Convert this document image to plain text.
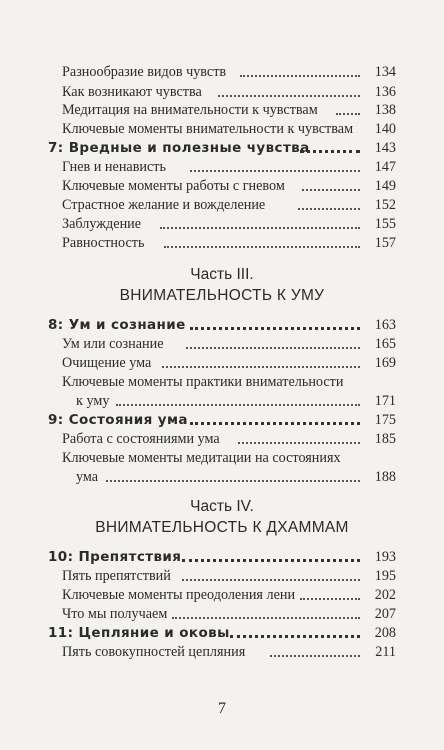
Разнообразие видов чувств	134
Как возникают чувства	136
Медитация на внимательности к чувствам	138
Ключевые моменты внимательности к чувствам 140
7: Вредные и полезные чувства	143
Гнев и ненависть	147
Ключевые моменты работы с гневом	149
Страстное желание и вожделение	152
Заблуждение	155
Равностность	157
Часть III.
ВНИМАТЕЛЬНОСТЬ К УМУ
8: Ум и сознание	163
Ум или сознание	165
Очищение ума	169
Ключевые моменты практики внимательности
к уму	171
9: Состояния ума	175
Работа с состояниями ума	185
Ключевые моменты медитации на состояниях
ума	188
Часть IV.
ВНИМАТЕЛЬНОСТЬ К ДХАММАМ
10: Препятствия	193
Пять препятствий	195
Ключевые моменты преодоления лени	202
Что мы получаем	207
11: Цепляние и оковы	208
Пять совокупностей цепляния	211
7
